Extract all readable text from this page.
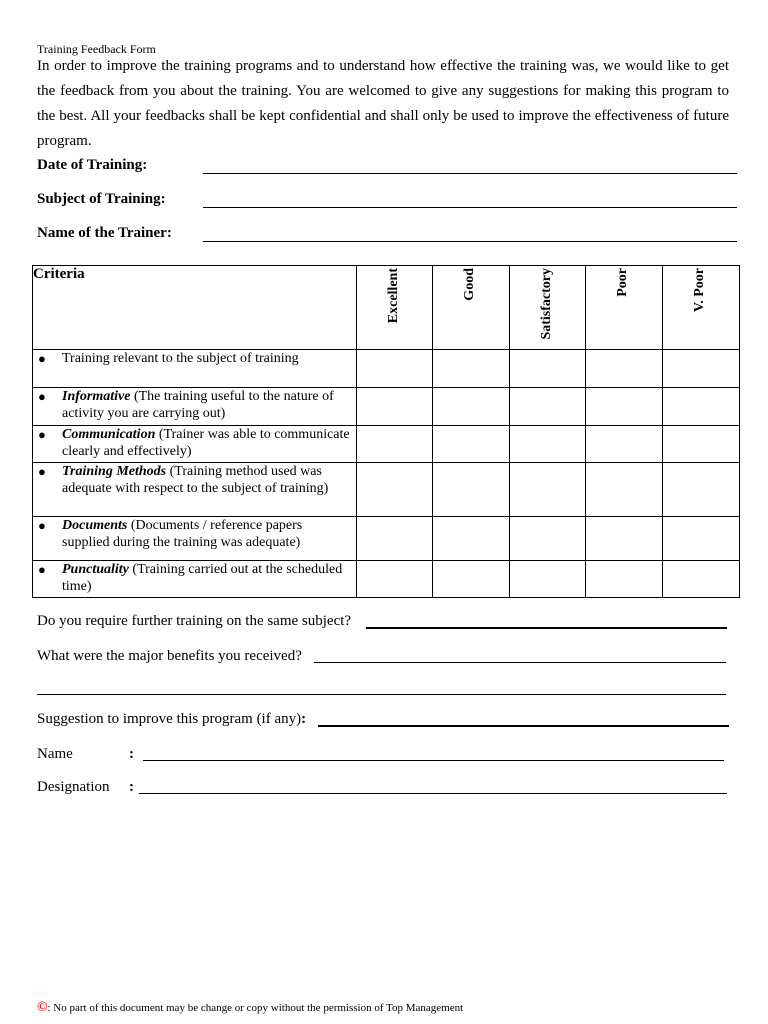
Training Feedback Form
In order to improve the training programs and to understand how effective the training was, we would like to get the feedback from you about the training. You are welcomed to give any suggestions for making this program to the best. All your feedbacks shall be kept confidential and shall only be used to improve the effectiveness of future program.
Date of Training:
Subject of Training:
Name of the Trainer:
Criteria	Excellent	Good	Satisfactory	Poor	V. Poor

● Training relevant to the subject of training					

● Informative (The training useful to the nature of activity you are carrying out)					

● Communication (Trainer was able to communicate clearly and effectively)					

● Training Methods (Training method used was adequate with respect to the subject of training)					

● Documents (Documents / reference papers supplied during the training was adequate)					

● Punctuality (Training carried out at the scheduled time)					
Do you require further training on the same subject?
What were the major benefits you received?
Suggestion to improve this program (if any):
Name	:
Designation :
©: No part of this document may be change or copy without the permission of Top Management
